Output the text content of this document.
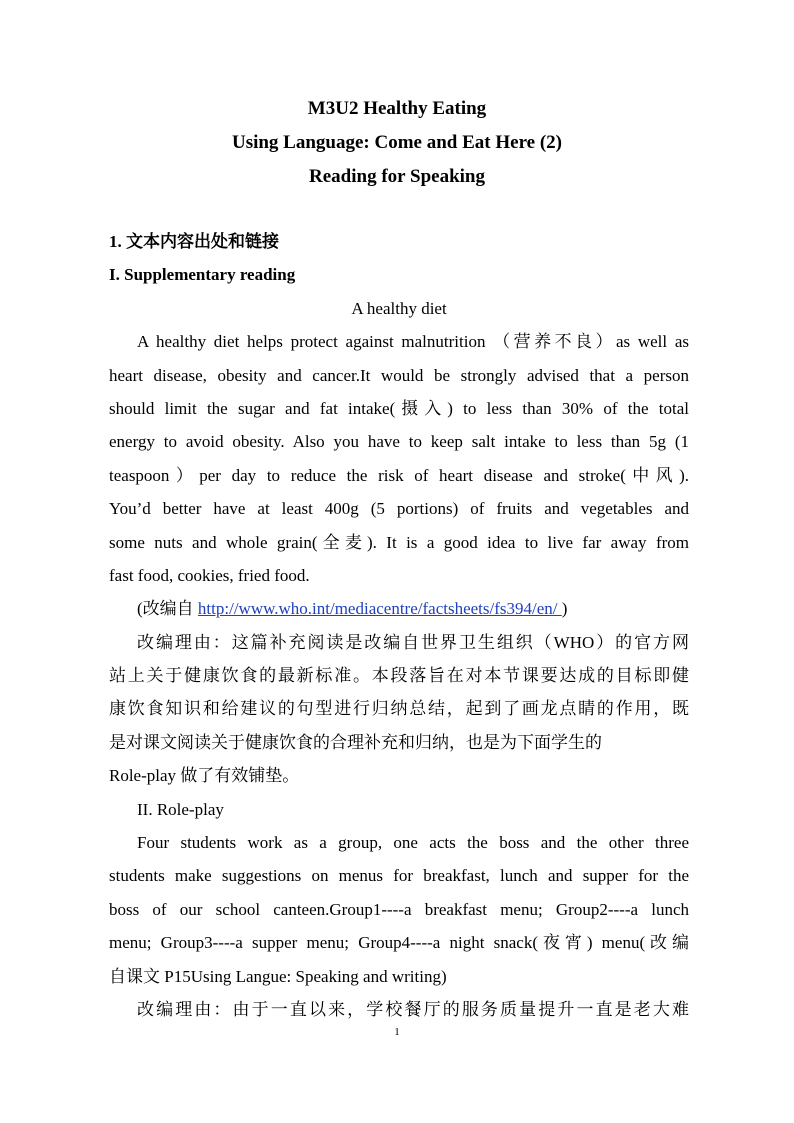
M3U2 Healthy Eating
Using Language: Come and Eat Here (2)
Reading for Speaking
1. 文本内容出处和链接
I. Supplementary reading
A healthy diet
A healthy diet helps protect against malnutrition （营养不良）as well as
heart disease, obesity and cancer.It would be strongly advised that a person
should limit the sugar and fat intake(摄入) to less than 30% of the total
energy to avoid obesity. Also you have to keep salt intake to less than 5g (1
teaspoon）per day to reduce the risk of heart disease and stroke(中风).
You’d better have at least 400g (5 portions) of fruits and vegetables and
some nuts and whole grain(全麦). It is a good idea to live far away from
fast food, cookies, fried food.
(改编自 http://www.who.int/mediacentre/factsheets/fs394/en/ )
改编理由：这篇补充阅读是改编自世界卫生组织（WHO）的官方网
站上关于健康饮食的最新标准。本段落旨在对本节课要达成的目标即健
康饮食知识和给建议的句型进行归纳总结，起到了画龙点睛的作用，既
是对课文阅读关于健康饮食的合理补充和归纳，也是为下面学生的
Role-play 做了有效铺垫。
II. Role-play
Four students work as a group, one acts the boss and the other three
students make suggestions on menus for breakfast, lunch and supper for the
boss of our school canteen.Group1----a breakfast menu; Group2----a lunch
menu; Group3----a supper menu; Group4----a night snack(夜宵) menu(改编
自课文 P15Using Langue: Speaking and writing)
改编理由：由于一直以来，学校餐厅的服务质量提升一直是老大难
1
